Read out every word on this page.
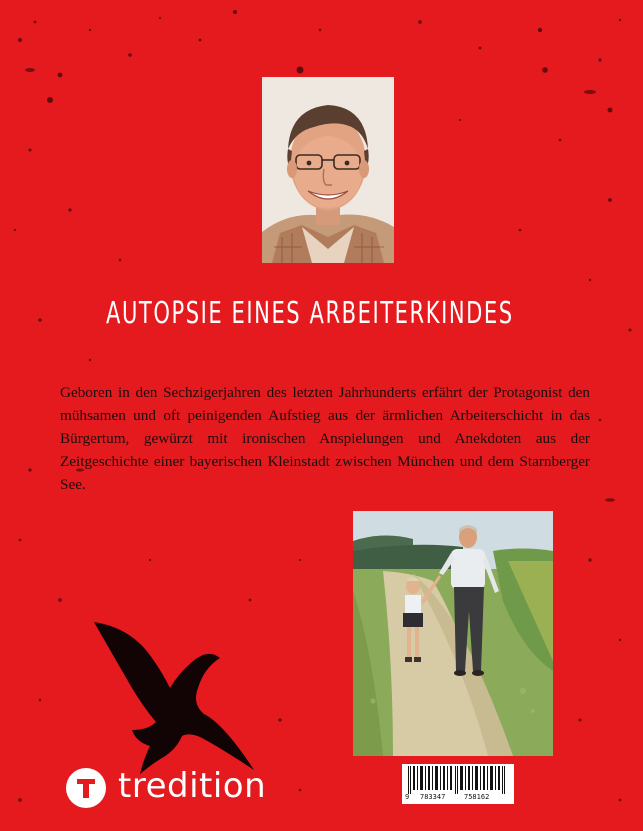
AUTOPSIE EINES ARBEITERKINDES
Geboren in den Sechzigerjahren des letzten Jahrhunderts erfährt der Protagonist den mühsamen und oft peinigenden Aufstieg aus der ärmlichen Arbeiterschicht in das Bürgertum, gewürzt mit ironischen Anspielungen und Anekdoten aus der Zeitgeschichte einer bayerischen Kleinstadt zwischen München und dem Starnberger See.
tredition	9 783347	758162
